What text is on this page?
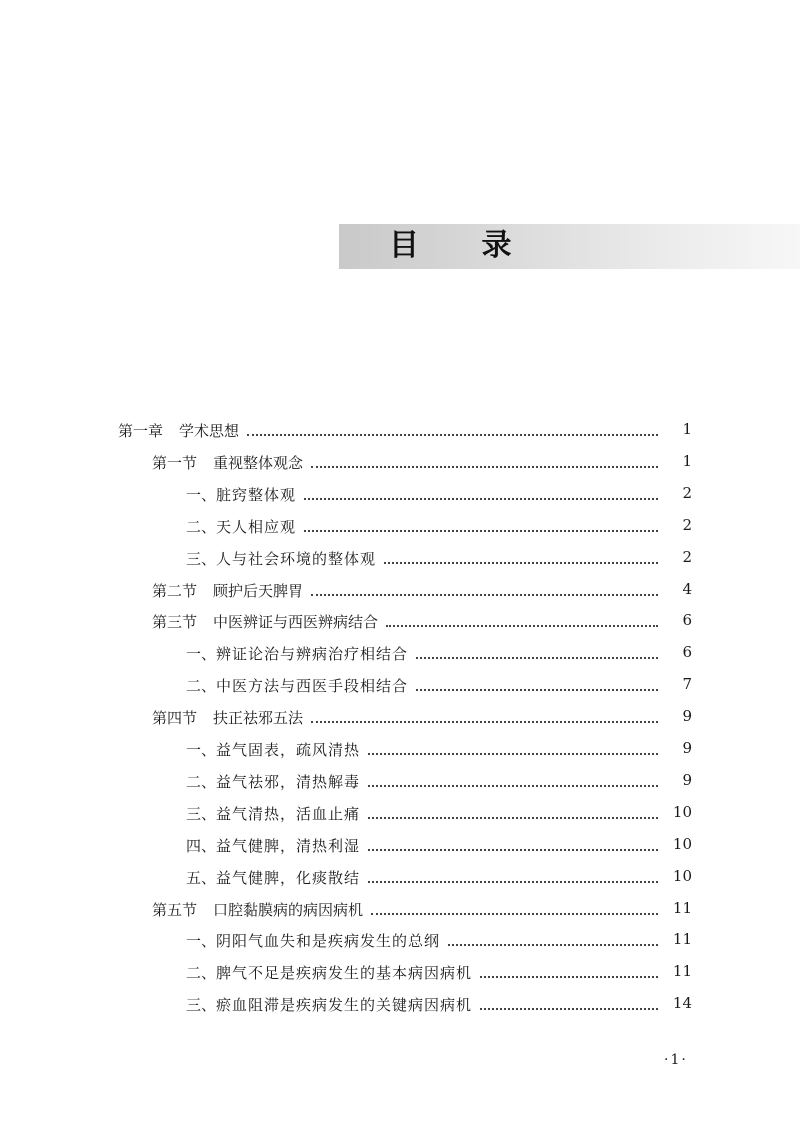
目 录
第一章 学术思想	1
第一节 重视整体观念	1
一、脏窍整体观	2
二、天人相应观	2
三、人与社会环境的整体观	2
第二节 顾护后天脾胃	4
第三节 中医辨证与西医辨病结合	6
一、辨证论治与辨病治疗相结合	6
二、中医方法与西医手段相结合	7
第四节 扶正祛邪五法	9
一、益气固表，疏风清热	9
二、益气祛邪，清热解毒	9
三、益气清热，活血止痛	10
四、益气健脾，清热利湿	10
五、益气健脾，化痰散结	10
第五节 口腔黏膜病的病因病机	11
一、阴阳气血失和是疾病发生的总纲	11
二、脾气不足是疾病发生的基本病因病机	11
三、瘀血阻滞是疾病发生的关键病因病机	14
·1·
